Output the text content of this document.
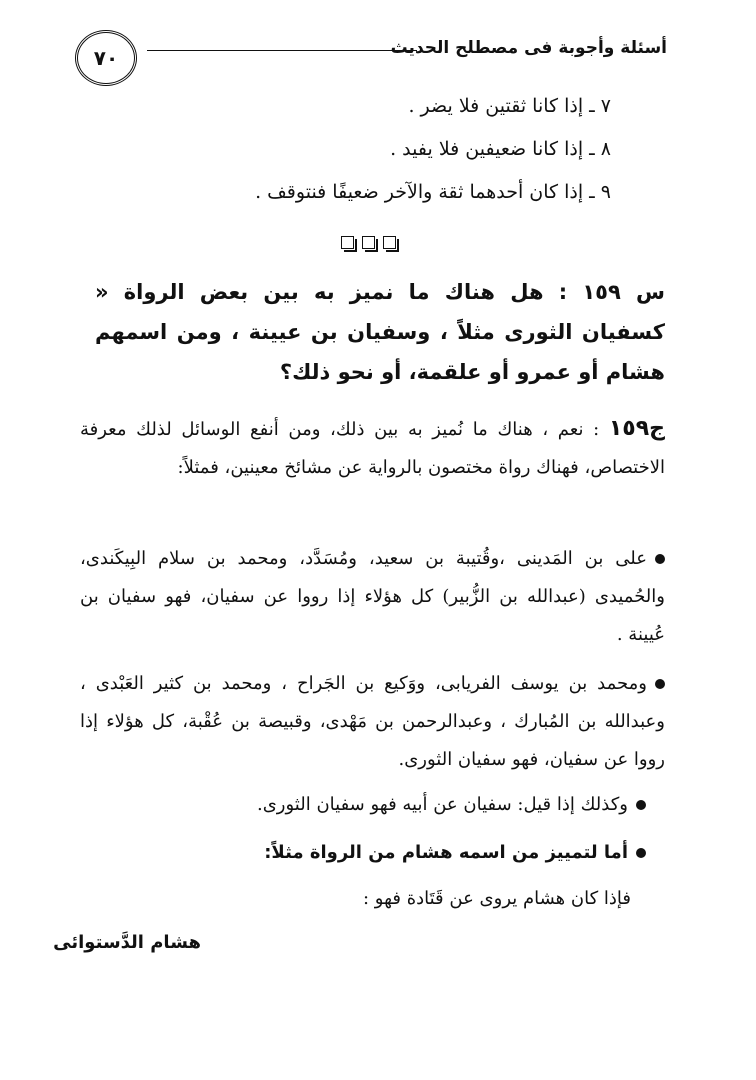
أسئلة وأجوبة فى مصطلح الحديث
٧٠
٧ ـ إذا كانا ثقتين فلا يضر .
٨ ـ إذا كانا ضعيفين فلا يفيد .
٩ ـ إذا كان أحدهما ثقة والآخر ضعيفًا فنتوقف .
س ١٥٩ : هل هناك ما نميز به بين بعض الرواة « كسفيان الثورى مثلاً ، وسفيان بن عيينة ، ومن اسمهم هشام أو عمرو أو علقمة، أو نحو ذلك؟
ج١٥٩ : نعم ، هناك ما نُميز به بين ذلك، ومن أنفع الوسائل لذلك معرفة الاختصاص، فهناك رواة مختصون بالرواية عن مشائخ معينين، فمثلاً:
على بن المَدينى ،وقُتيبة بن سعيد، ومُسَدَّد، ومحمد بن سلام البِيكَندى، والحُميدى (عبدالله بن الزُّبير) كل هؤلاء إذا رووا عن سفيان، فهو سفيان بن عُيينة .
ومحمد بن يوسف الفريابى، ووَكيع بن الجَراح ، ومحمد بن كثير العَبْدى ، وعبدالله بن المُبارك ، وعبدالرحمن بن مَهْدى، وقبيصة بن عُقْبة، كل هؤلاء إذا رووا عن سفيان، فهو سفيان الثورى.
وكذلك إذا قيل: سفيان عن أبيه فهو سفيان الثورى.
أما لتمييز من اسمه هشام من الرواة مثلاً:
فإذا كان هشام يروى عن قَتَادة فهو :
هشام الدَّستوائى
